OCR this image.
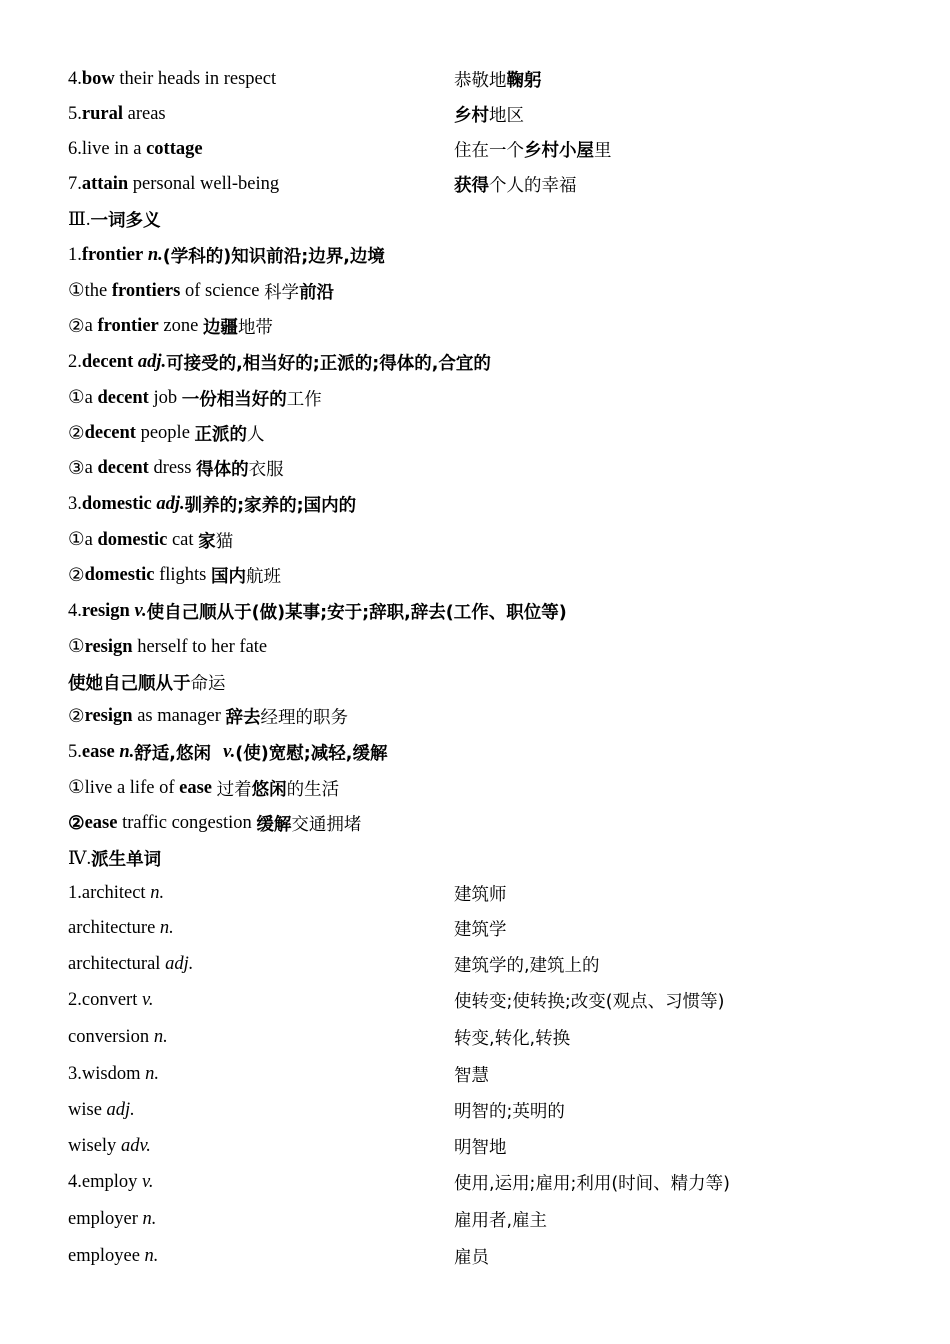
4.bow their heads in respect	恭敬地鞠躬
5.rural areas	乡村地区
6.live in a cottage	住在一个乡村小屋里
7.attain personal well-being	获得个人的幸福
Ⅲ. 一词多义
1. frontier
n. (学科的)知识前沿;边界,边境
① the frontiers of science 科学 前沿
② a frontier zone 边疆 地带
2. decent
adj. 可接受的,相当好的;正派的;得体的,合宜的
① a decent job 一份相当好的 工作
② decent people 正派的 人
③ a decent dress 得体的 衣服
3. domestic
adj. 驯养的;家养的;国内的
① a domestic cat 家 猫
② domestic flights 国内 航班
4. resign
v. 使自己顺从于(做)某事;安于;辞职,辞去(工作、职位等)
① resign herself to her fate
使她自己顺从于 命运
② resign as manager 辞去 经理的职务
5. ease
n. 舒适,悠闲 v. (使)宽慰;减轻,缓解
① live a life of ease
过着 悠闲 的生活
② ease traffic congestion 缓解 交通拥堵
Ⅳ. 派生单词
1.architect n.	建筑师
architecture n.	建筑学
architectural adj.	建筑学的,建筑上的
2.convert v.	使转变;使转换;改变(观点、习惯等)
conversion n.	转变,转化,转换
3.wisdom n.	智慧
wise adj.	明智的;英明的
wisely adv.	明智地
4.employ v.	使用,运用;雇用;利用(时间、精力等)
employer n.	雇用者,雇主
employee n.	雇员
